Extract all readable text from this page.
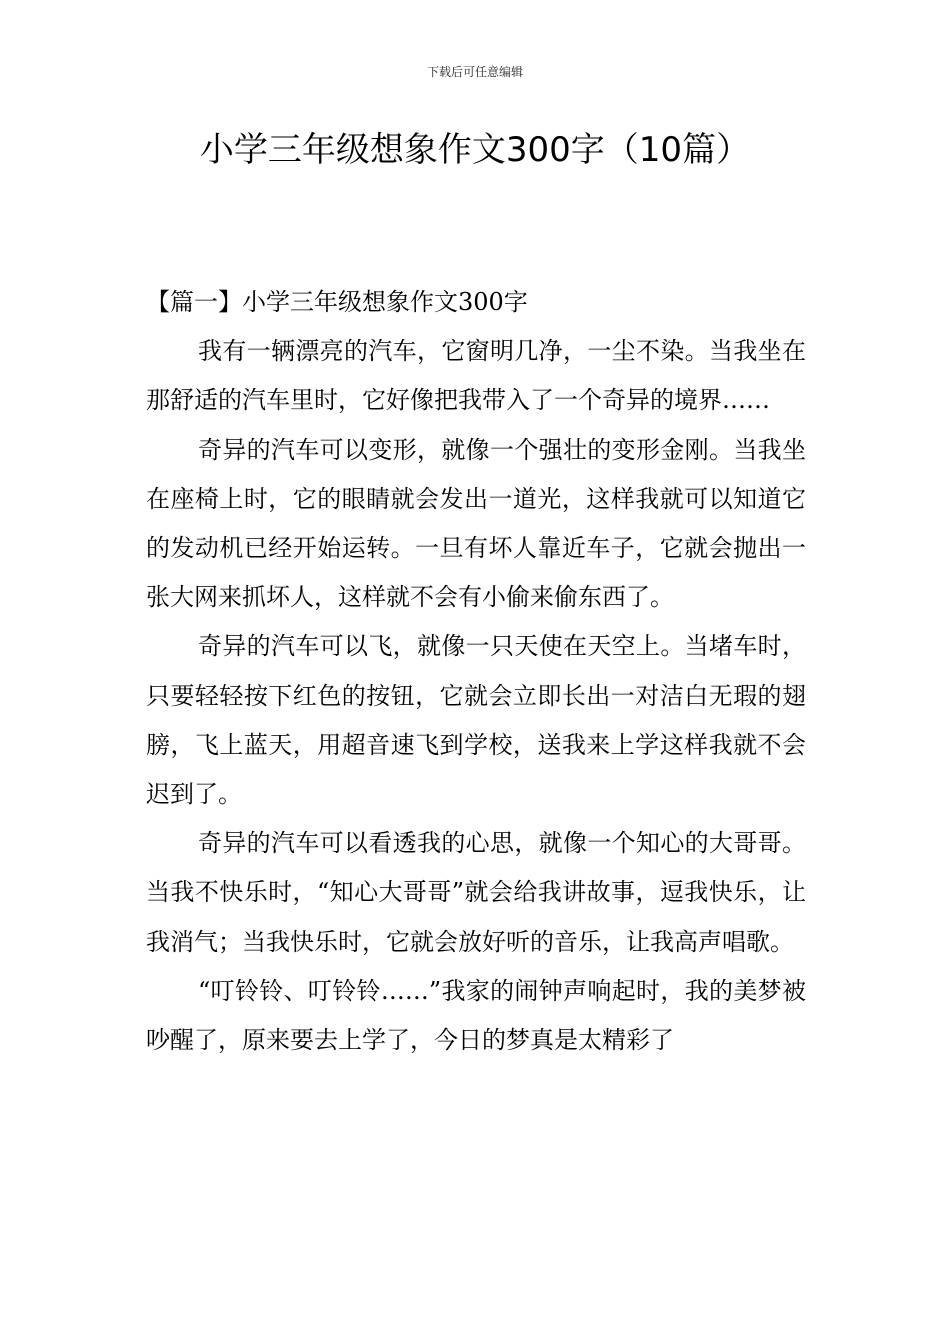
下载后可任意编辑
小学三年级想象作文300字（10篇）
【篇一】小学三年级想象作文300字

我有一辆漂亮的汽车，它窗明几净，一尘不染。当我坐在那舒适的汽车里时，它好像把我带入了一个奇异的境界……

奇异的汽车可以变形，就像一个强壮的变形金刚。当我坐在座椅上时，它的眼睛就会发出一道光，这样我就可以知道它的发动机已经开始运转。一旦有坏人靠近车子，它就会抛出一张大网来抓坏人，这样就不会有小偷来偷东西了。

奇异的汽车可以飞，就像一只天使在天空上。当堵车时，只要轻轻按下红色的按钮，它就会立即长出一对洁白无瑕的翅膀，飞上蓝天，用超音速飞到学校，送我来上学这样我就不会迟到了。

奇异的汽车可以看透我的心思，就像一个知心的大哥哥。当我不快乐时，“知心大哥哥”就会给我讲故事，逗我快乐，让我消气；当我快乐时，它就会放好听的音乐，让我高声唱歌。

“叮铃铃、叮铃铃……”我家的闹钟声响起时，我的美梦被吵醒了，原来要去上学了，今日的梦真是太精彩了
